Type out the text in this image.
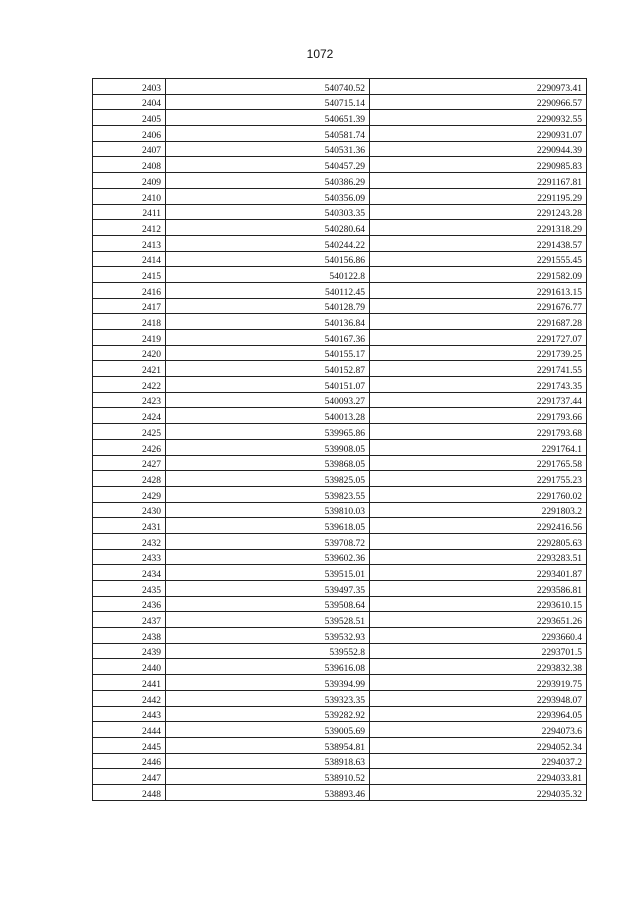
1072
2403	540740.52	2290973.41
2404	540715.14	2290966.57
2405	540651.39	2290932.55
2406	540581.74	2290931.07
2407	540531.36	2290944.39
2408	540457.29	2290985.83
2409	540386.29	2291167.81
2410	540356.09	2291195.29
2411	540303.35	2291243.28
2412	540280.64	2291318.29
2413	540244.22	2291438.57
2414	540156.86	2291555.45
2415	540122.8	2291582.09
2416	540112.45	2291613.15
2417	540128.79	2291676.77
2418	540136.84	2291687.28
2419	540167.36	2291727.07
2420	540155.17	2291739.25
2421	540152.87	2291741.55
2422	540151.07	2291743.35
2423	540093.27	2291737.44
2424	540013.28	2291793.66
2425	539965.86	2291793.68
2426	539908.05	2291764.1
2427	539868.05	2291765.58
2428	539825.05	2291755.23
2429	539823.55	2291760.02
2430	539810.03	2291803.2
2431	539618.05	2292416.56
2432	539708.72	2292805.63
2433	539602.36	2293283.51
2434	539515.01	2293401.87
2435	539497.35	2293586.81
2436	539508.64	2293610.15
2437	539528.51	2293651.26
2438	539532.93	2293660.4
2439	539552.8	2293701.5
2440	539616.08	2293832.38
2441	539394.99	2293919.75
2442	539323.35	2293948.07
2443	539282.92	2293964.05
2444	539005.69	2294073.6
2445	538954.81	2294052.34
2446	538918.63	2294037.2
2447	538910.52	2294033.81
2448	538893.46	2294035.32
